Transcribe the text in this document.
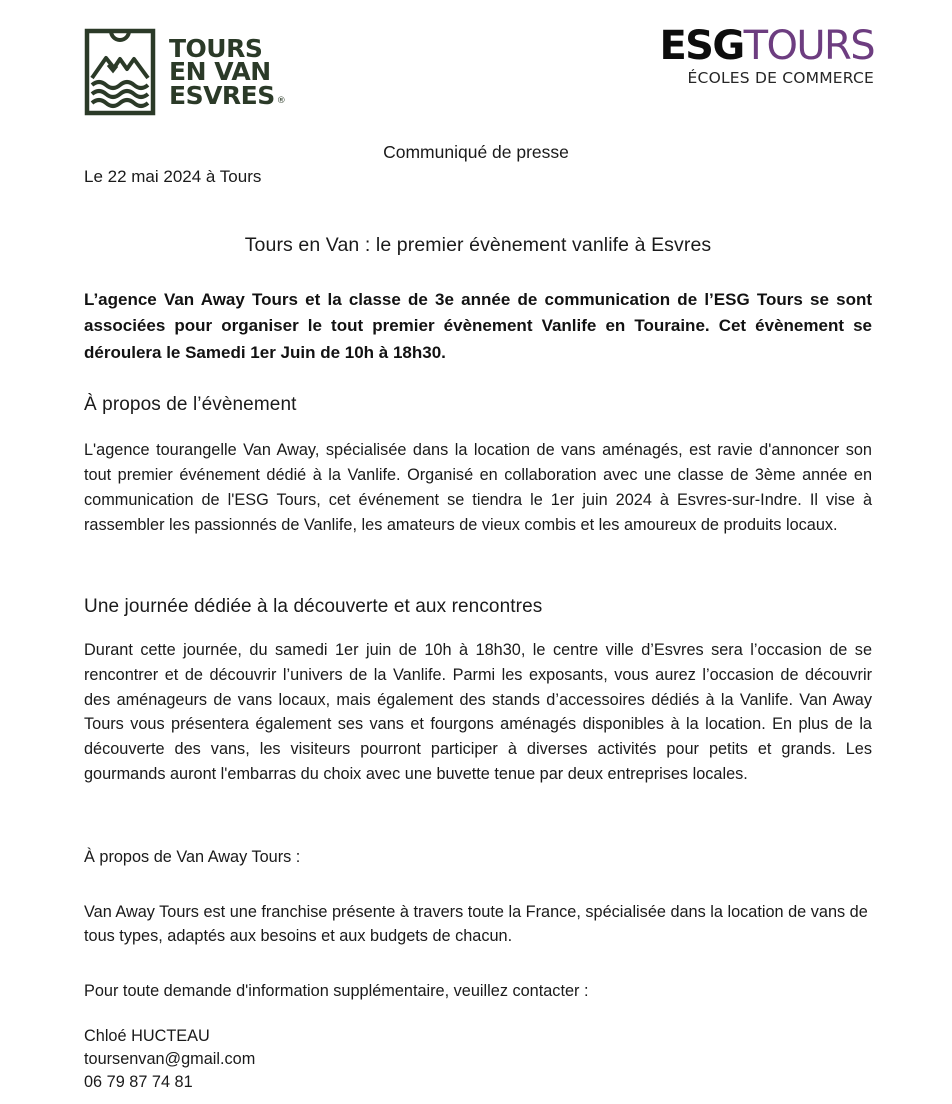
TOURS
EN VAN
ESVRES ®
ESGTOURS
ÉCOLES DE COMMERCE
Communiqué de presse
Le 22 mai 2024 à Tours
Tours en Van : le premier évènement vanlife à Esvres

L’agence Van Away Tours et la classe de 3e année de communication de l’ESG Tours se sont associées pour organiser le tout premier évènement Vanlife en Touraine. Cet évènement se déroulera le Samedi 1er Juin de 10h à 18h30.

À propos de l’évènement

L'agence tourangelle Van Away, spécialisée dans la location de vans aménagés, est ravie d'annoncer son tout premier événement dédié à la Vanlife. Organisé en collaboration avec une classe de 3ème année en communication de l'ESG Tours, cet événement se tiendra le 1er juin 2024 à Esvres-sur-Indre. Il vise à rassembler les passionnés de Vanlife, les amateurs de vieux combis et les amoureux de produits locaux.

Une journée dédiée à la découverte et aux rencontres

Durant cette journée, du samedi 1er juin de 10h à 18h30, le centre ville d’Esvres sera l’occasion de se rencontrer et de découvrir l’univers de la Vanlife. Parmi les exposants, vous aurez l’occasion de découvrir des aménageurs de vans locaux, mais également des stands d’accessoires dédiés à la Vanlife. Van Away Tours vous présentera également ses vans et fourgons aménagés disponibles à la location. En plus de la découverte des vans, les visiteurs pourront participer à diverses activités pour petits et grands. Les gourmands auront l'embarras du choix avec une buvette tenue par deux entreprises locales.

À propos de Van Away Tours :

Van Away Tours est une franchise présente à travers toute la France, spécialisée dans la location de vans de tous types, adaptés aux besoins et aux budgets de chacun.

Pour toute demande d'information supplémentaire, veuillez contacter :

Chloé HUCTEAU
toursenvan@gmail.com
06 79 87 74 81
